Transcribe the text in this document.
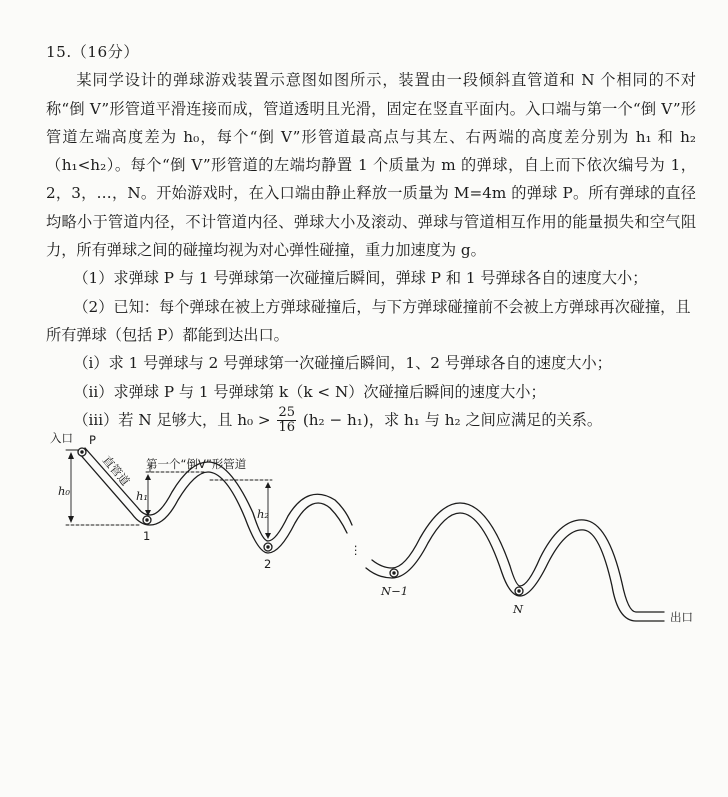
15.（16分）

某同学设计的弹球游戏装置示意图如图所示，装置由一段倾斜直管道和 N 个相同的不对称“倒 V”形管道平滑连接而成，管道透明且光滑，固定在竖直平面内。入口端与第一个“倒 V”形管道左端高度差为 h₀，每个“倒 V”形管道最高点与其左、右两端的高度差分别为 h₁ 和 h₂（h₁<h₂）。每个“倒 V”形管道的左端均静置 1 个质量为 m 的弹球，自上而下依次编号为 1，2，3，…，N。开始游戏时，在入口端由静止释放一质量为 M=4m 的弹球 P。所有弹球的直径均略小于管道内径，不计管道内径、弹球大小及滚动、弹球与管道相互作用的能量损失和空气阻力，所有弹球之间的碰撞均视为对心弹性碰撞，重力加速度为 g。

（1）求弹球 P 与 1 号弹球第一次碰撞后瞬间，弹球 P 和 1 号弹球各自的速度大小；

（2）已知：每个弹球在被上方弹球碰撞后，与下方弹球碰撞前不会被上方弹球再次碰撞，且所有弹球（包括 P）都能到达出口。

（ⅰ）求 1 号弹球与 2 号弹球第一次碰撞后瞬间，1、2 号弹球各自的速度大小；

（ⅱ）求弹球 P 与 1 号弹球第 k（k < N）次碰撞后瞬间的速度大小；

（ⅲ）若 N 足够大，且 $h_0 > \frac{25}{16} (h_2 - h_1)$，求 h₁ 与 h₂ 之间应满足的关系。

入口 P
直管道 第一个“倒V”形管道
h₀	h₁
h₂
⋮
1
2
N−1
N
出口
